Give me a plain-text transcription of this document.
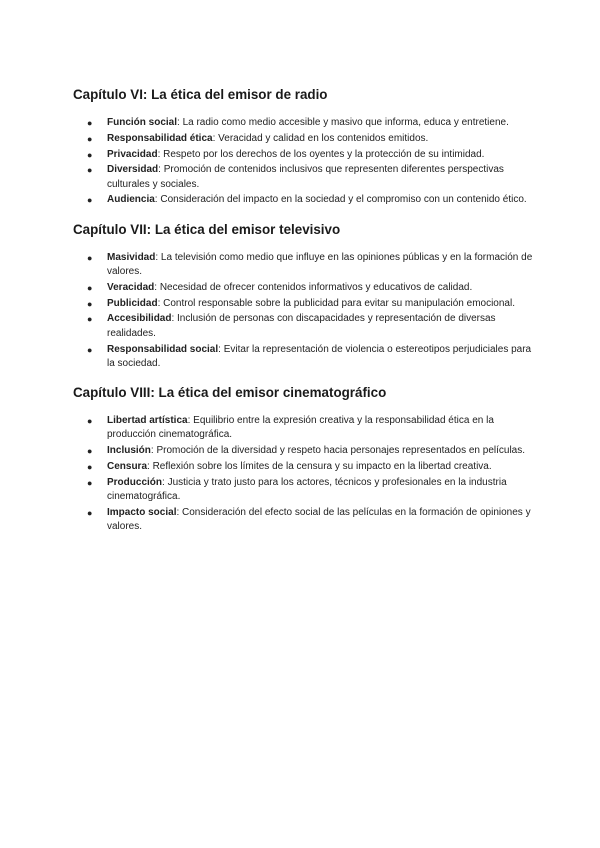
Capítulo VI: La ética del emisor de radio
● Función social: La radio como medio accesible y masivo que informa, educa y entretiene.
● Responsabilidad ética: Veracidad y calidad en los contenidos emitidos.
● Privacidad: Respeto por los derechos de los oyentes y la protección de su intimidad.
● Diversidad: Promoción de contenidos inclusivos que representen diferentes perspectivas culturales y sociales.
● Audiencia: Consideración del impacto en la sociedad y el compromiso con un contenido ético.
Capítulo VII: La ética del emisor televisivo
● Masividad: La televisión como medio que influye en las opiniones públicas y en la formación de valores.
● Veracidad: Necesidad de ofrecer contenidos informativos y educativos de calidad.
● Publicidad: Control responsable sobre la publicidad para evitar su manipulación emocional.
● Accesibilidad: Inclusión de personas con discapacidades y representación de diversas realidades.
● Responsabilidad social: Evitar la representación de violencia o estereotipos perjudiciales para la sociedad.
Capítulo VIII: La ética del emisor cinematográfico
● Libertad artística: Equilibrio entre la expresión creativa y la responsabilidad ética en la producción cinematográfica.
● Inclusión: Promoción de la diversidad y respeto hacia personajes representados en películas.
● Censura: Reflexión sobre los límites de la censura y su impacto en la libertad creativa.
● Producción: Justicia y trato justo para los actores, técnicos y profesionales en la industria cinematográfica.
● Impacto social: Consideración del efecto social de las películas en la formación de opiniones y valores.
